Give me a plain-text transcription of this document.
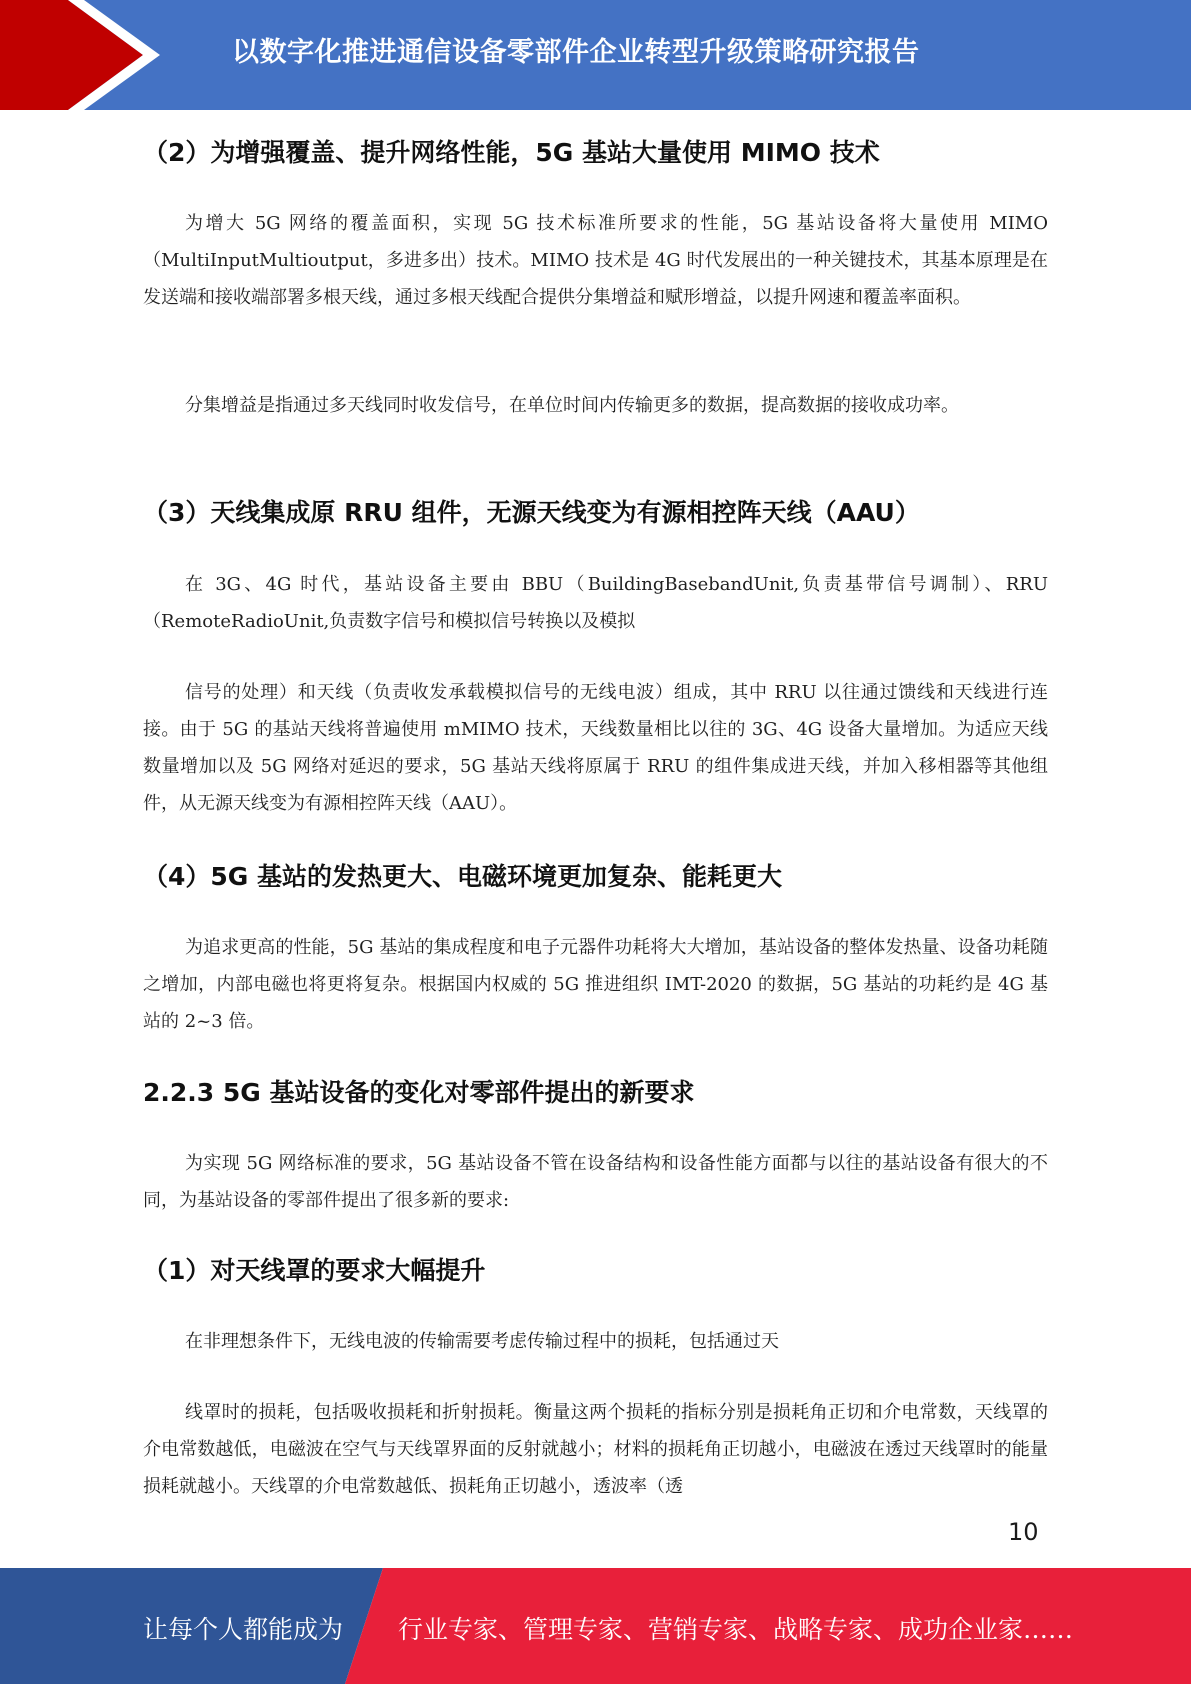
以数字化推进通信设备零部件企业转型升级策略研究报告
（2）为增强覆盖、提升网络性能，5G 基站大量使用 MIMO 技术

为增大 5G 网络的覆盖面积，实现 5G 技术标准所要求的性能，5G 基站设备将大量使用 MIMO（MultiInputMultioutput，多进多出）技术。MIMO 技术是 4G 时代发展出的一种关键技术，其基本原理是在发送端和接收端部署多根天线，通过多根天线配合提供分集增益和赋形增益，以提升网速和覆盖率面积。

分集增益是指通过多天线同时收发信号，在单位时间内传输更多的数据，提高数据的接收成功率。

（3）天线集成原 RRU 组件，无源天线变为有源相控阵天线（AAU）

在 3G、4G 时代，基站设备主要由 BBU（BuildingBasebandUnit,负责基带信号调制）、RRU（RemoteRadioUnit,负责数字信号和模拟信号转换以及模拟

信号的处理）和天线（负责收发承载模拟信号的无线电波）组成，其中 RRU 以往通过馈线和天线进行连接。由于 5G 的基站天线将普遍使用 mMIMO 技术，天线数量相比以往的 3G、4G 设备大量增加。为适应天线数量增加以及 5G 网络对延迟的要求，5G 基站天线将原属于 RRU 的组件集成进天线，并加入移相器等其他组件，从无源天线变为有源相控阵天线（AAU）。

（4）5G 基站的发热更大、电磁环境更加复杂、能耗更大

为追求更高的性能，5G 基站的集成程度和电子元器件功耗将大大增加，基站设备的整体发热量、设备功耗随之增加，内部电磁也将更将复杂。根据国内权威的 5G 推进组织 IMT-2020 的数据，5G 基站的功耗约是 4G 基站的 2~3 倍。

2.2.3 5G 基站设备的变化对零部件提出的新要求

为实现 5G 网络标准的要求，5G 基站设备不管在设备结构和设备性能方面都与以往的基站设备有很大的不同，为基站设备的零部件提出了很多新的要求:

（1）对天线罩的要求大幅提升

在非理想条件下，无线电波的传输需要考虑传输过程中的损耗，包括通过天

线罩时的损耗，包括吸收损耗和折射损耗。衡量这两个损耗的指标分别是损耗角正切和介电常数，天线罩的介电常数越低，电磁波在空气与天线罩界面的反射就越小；材料的损耗角正切越小，电磁波在透过天线罩时的能量损耗就越小。天线罩的介电常数越低、损耗角正切越小，透波率（透

10
让每个人都能成为 行业专家、管理专家、营销专家、战略专家、成功企业家……
